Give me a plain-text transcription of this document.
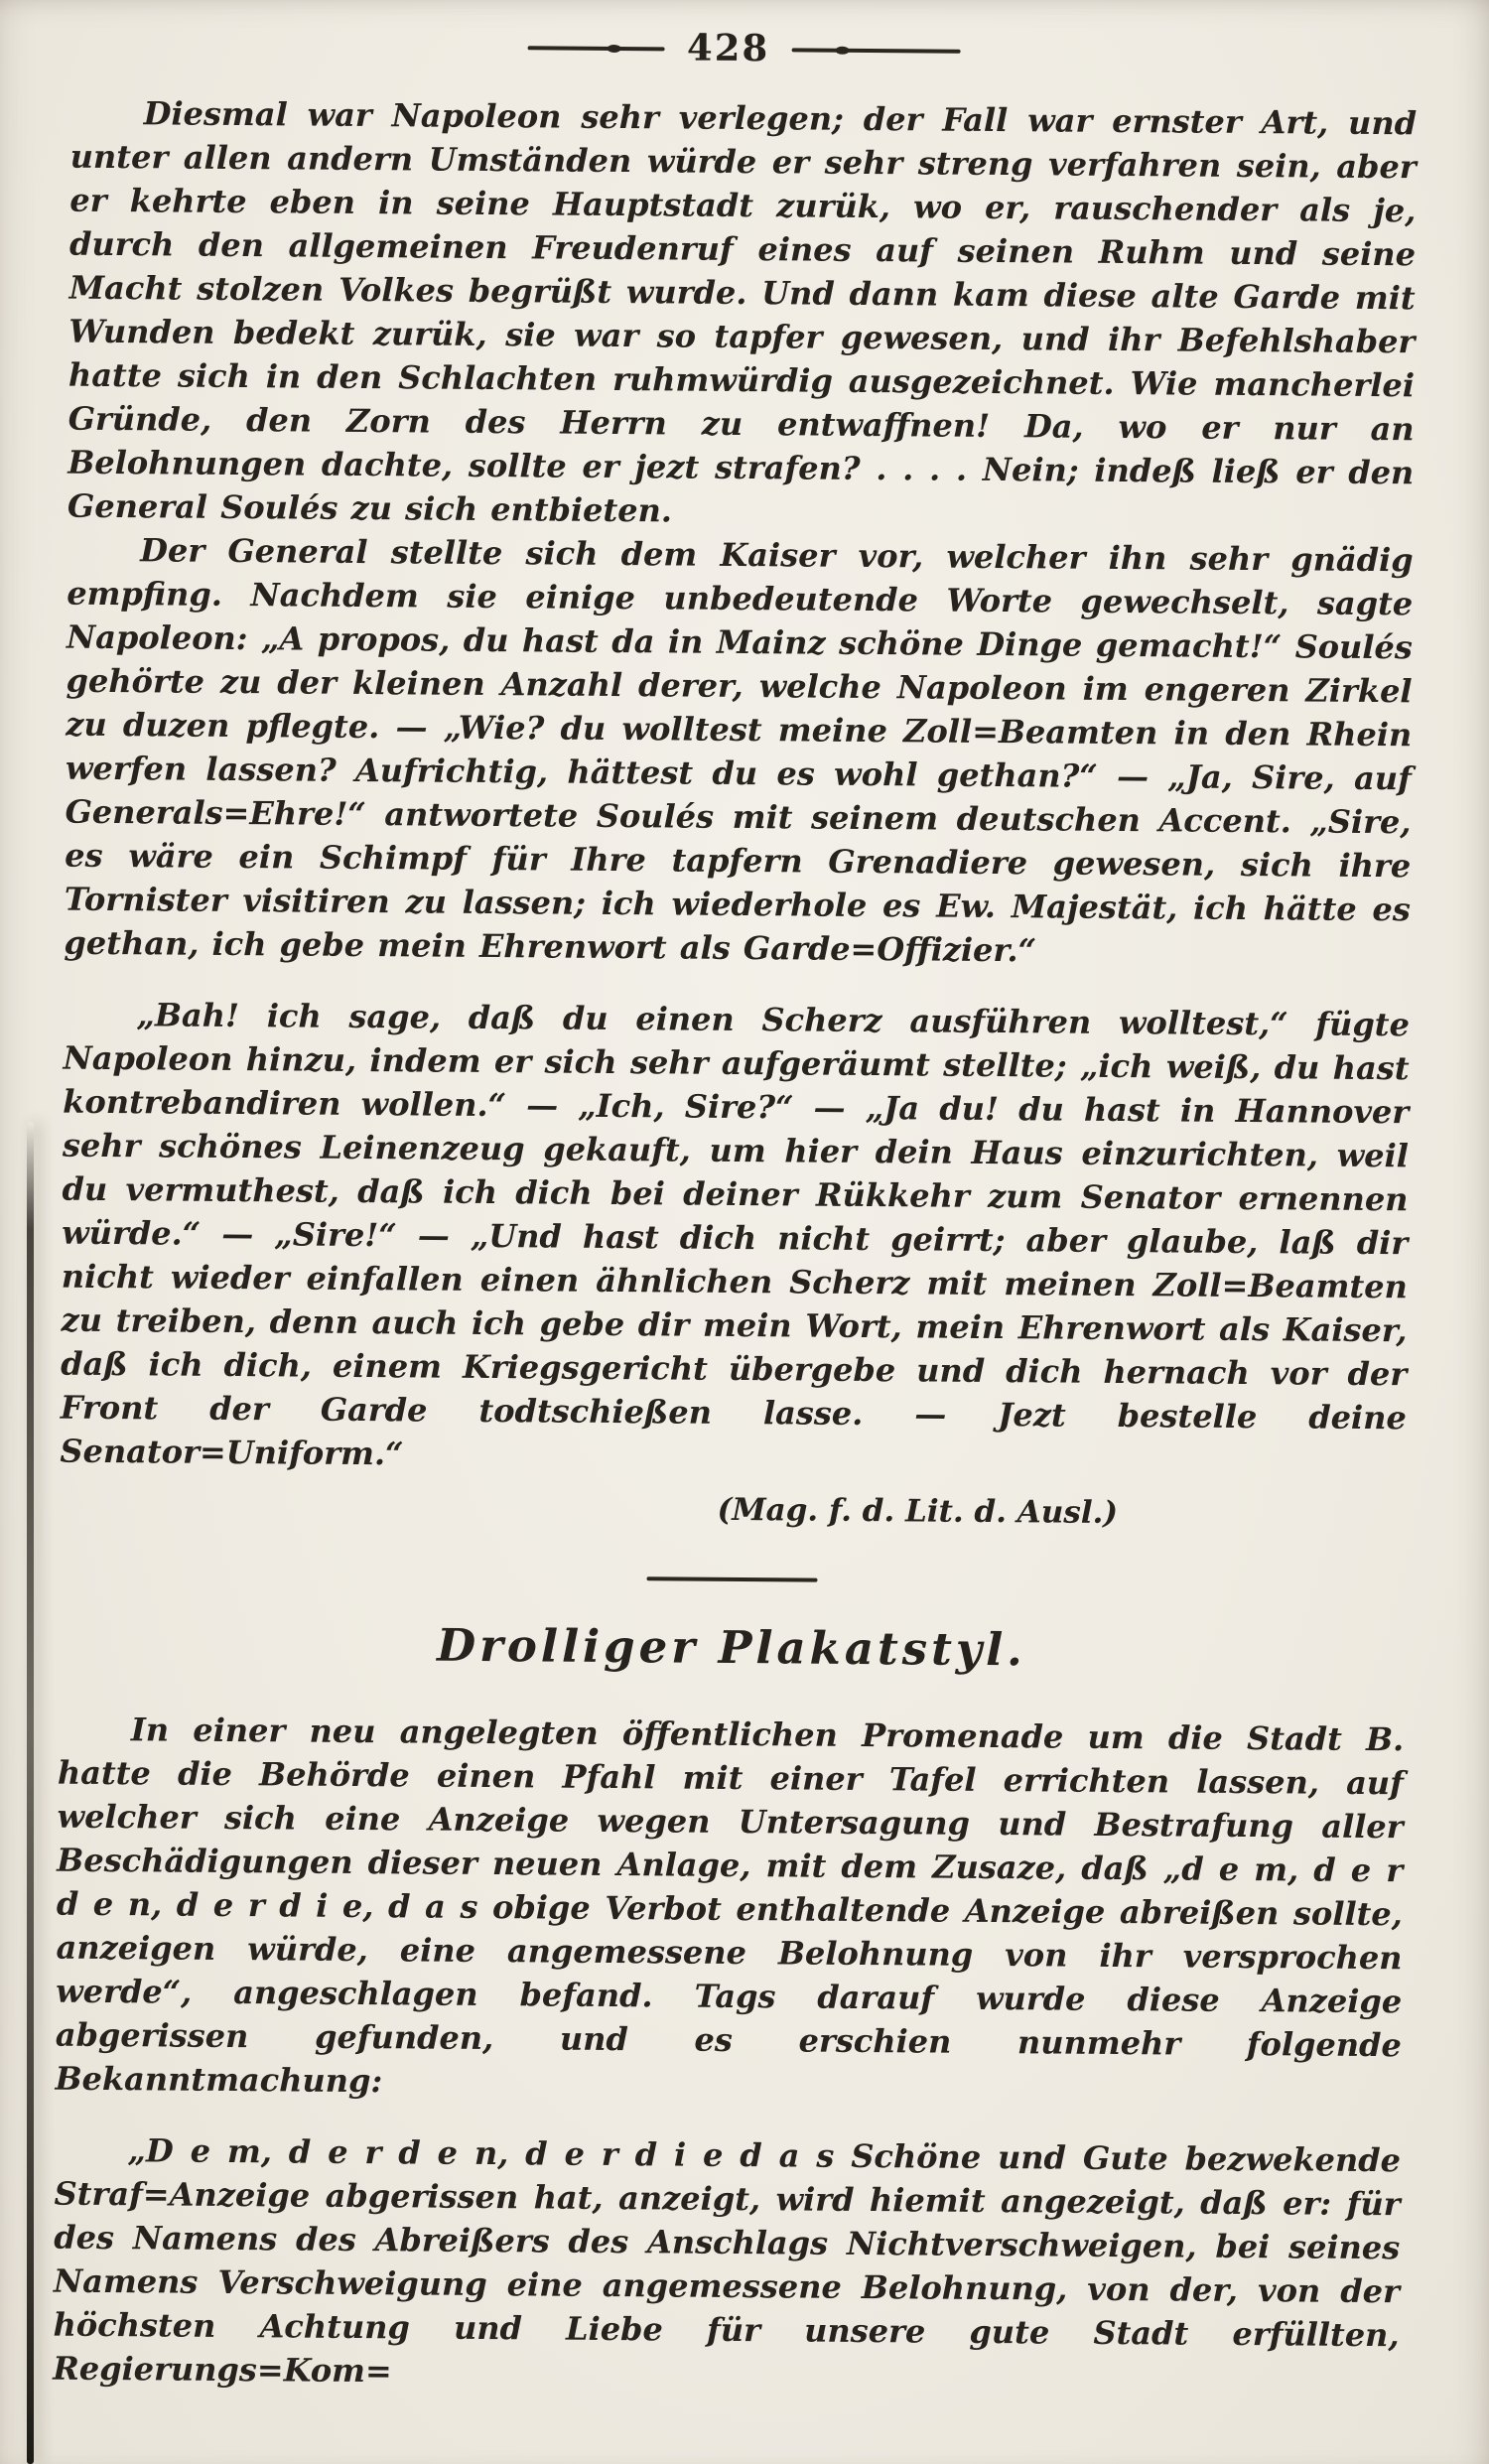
428

Diesmal war Napoleon sehr verlegen; der Fall war ernster Art, und unter allen andern Umständen würde er sehr streng verfahren sein, aber er kehrte eben in seine Hauptstadt zurük, wo er, rauschender als je, durch den allgemeinen Freudenruf eines auf seinen Ruhm und seine Macht stolzen Volkes begrüßt wurde. Und dann kam diese alte Garde mit Wunden bedekt zurük, sie war so tapfer gewesen, und ihr Befehlshaber hatte sich in den Schlachten ruhmwürdig ausgezeichnet. Wie mancherlei Gründe, den Zorn des Herrn zu entwaffnen! Da, wo er nur an Belohnungen dachte, sollte er jezt strafen? . . . . Nein; indeß ließ er den General Soulés zu sich entbieten.

Der General stellte sich dem Kaiser vor, welcher ihn sehr gnädig empfing. Nachdem sie einige unbedeutende Worte gewechselt, sagte Napoleon: „A propos, du hast da in Mainz schöne Dinge gemacht!“ Soulés gehörte zu der kleinen Anzahl derer, welche Napoleon im engeren Zirkel zu duzen pflegte. — „Wie? du wolltest meine Zoll=Beamten in den Rhein werfen lassen? Aufrichtig, hättest du es wohl gethan?“ — „Ja, Sire, auf Generals=Ehre!“ antwortete Soulés mit seinem deutschen Accent. „Sire, es wäre ein Schimpf für Ihre tapfern Grenadiere gewesen, sich ihre Tornister visitiren zu lassen; ich wiederhole es Ew. Majestät, ich hätte es gethan, ich gebe mein Ehrenwort als Garde=Offizier.“

„Bah! ich sage, daß du einen Scherz ausführen wolltest,“ fügte Napoleon hinzu, indem er sich sehr aufgeräumt stellte; „ich weiß, du hast kontrebandiren wollen.“ — „Ich, Sire?“ — „Ja du! du hast in Hannover sehr schönes Leinenzeug gekauft, um hier dein Haus einzurichten, weil du vermuthest, daß ich dich bei deiner Rükkehr zum Senator ernennen würde.“ — „Sire!“ — „Und hast dich nicht geirrt; aber glaube, laß dir nicht wieder einfallen einen ähnlichen Scherz mit meinen Zoll=Beamten zu treiben, denn auch ich gebe dir mein Wort, mein Ehrenwort als Kaiser, daß ich dich, einem Kriegsgericht übergebe und dich hernach vor der Front der Garde todtschießen lasse. — Jezt bestelle deine Senator=Uniform.“

(Mag. f. d. Lit. d. Ausl.)

Drolliger Plakatstyl.

In einer neu angelegten öffentlichen Promenade um die Stadt B. hatte die Behörde einen Pfahl mit einer Tafel errichten lassen, auf welcher sich eine Anzeige wegen Untersagung und Bestrafung aller Beschädigungen dieser neuen Anlage, mit dem Zusaze, daß „d e m, d e r d e n, d e r d i e, d a s obige Verbot enthaltende Anzeige abreißen sollte, anzeigen würde, eine angemessene Belohnung von ihr versprochen werde“, angeschlagen befand. Tags darauf wurde diese Anzeige abgerissen gefunden, und es erschien nunmehr folgende Bekanntmachung:

„D e m, d e r d e n, d e r d i e d a s Schöne und Gute bezwekende Straf=Anzeige abgerissen hat, anzeigt, wird hiemit angezeigt, daß er: für des Namens des Abreißers des Anschlags Nichtverschweigen, bei seines Namens Verschweigung eine angemessene Belohnung, von der, von der höchsten Achtung und Liebe für unsere gute Stadt erfüllten, Regierungs=Kom=
